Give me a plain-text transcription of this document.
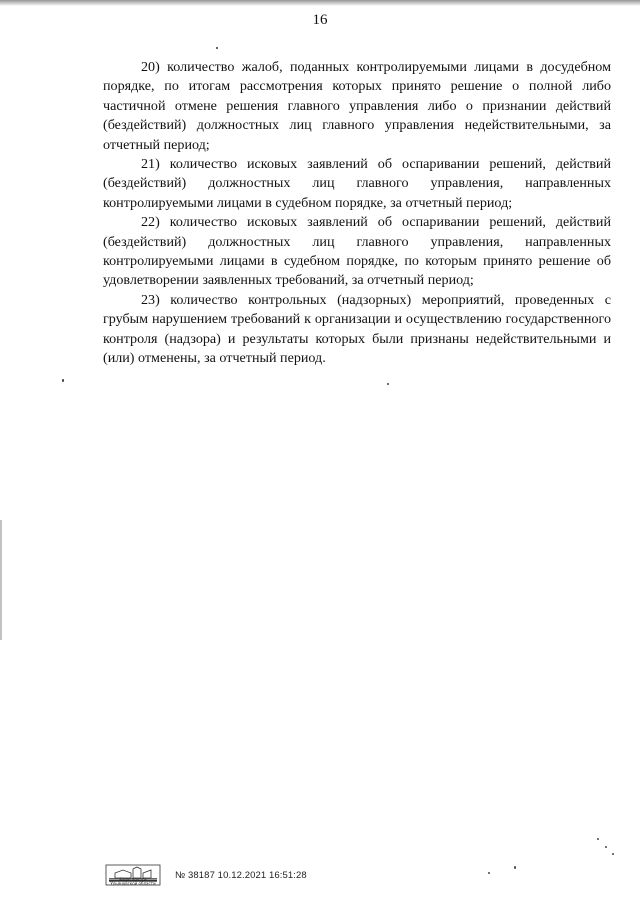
16

20) количество жалоб, поданных контролируемыми лицами в досудебном порядке, по итогам рассмотрения которых принято решение о полной либо частичной отмене решения главного управления либо о признании действий (бездействий) должностных лиц главного управления недействительными, за отчетный период;

21) количество исковых заявлений об оспаривании решений, действий (бездействий) должностных лиц главного управления, направленных контролируемыми лицами в судебном порядке, за отчетный период;

22) количество исковых заявлений об оспаривании решений, действий (бездействий) должностных лиц главного управления, направленных контролируемыми лицами в судебном порядке, по которым принято решение об удовлетворении заявленных требований, за отчетный период;

23) количество контрольных (надзорных) мероприятий, проведенных с грубым нарушением требований к организации и осуществлению государственного контроля (надзора) и результаты которых были признаны недействительными и (или) отменены, за отчетный период.

Бюро печати Ульяновской области
№ 38187 10.12.2021 16:51:28
